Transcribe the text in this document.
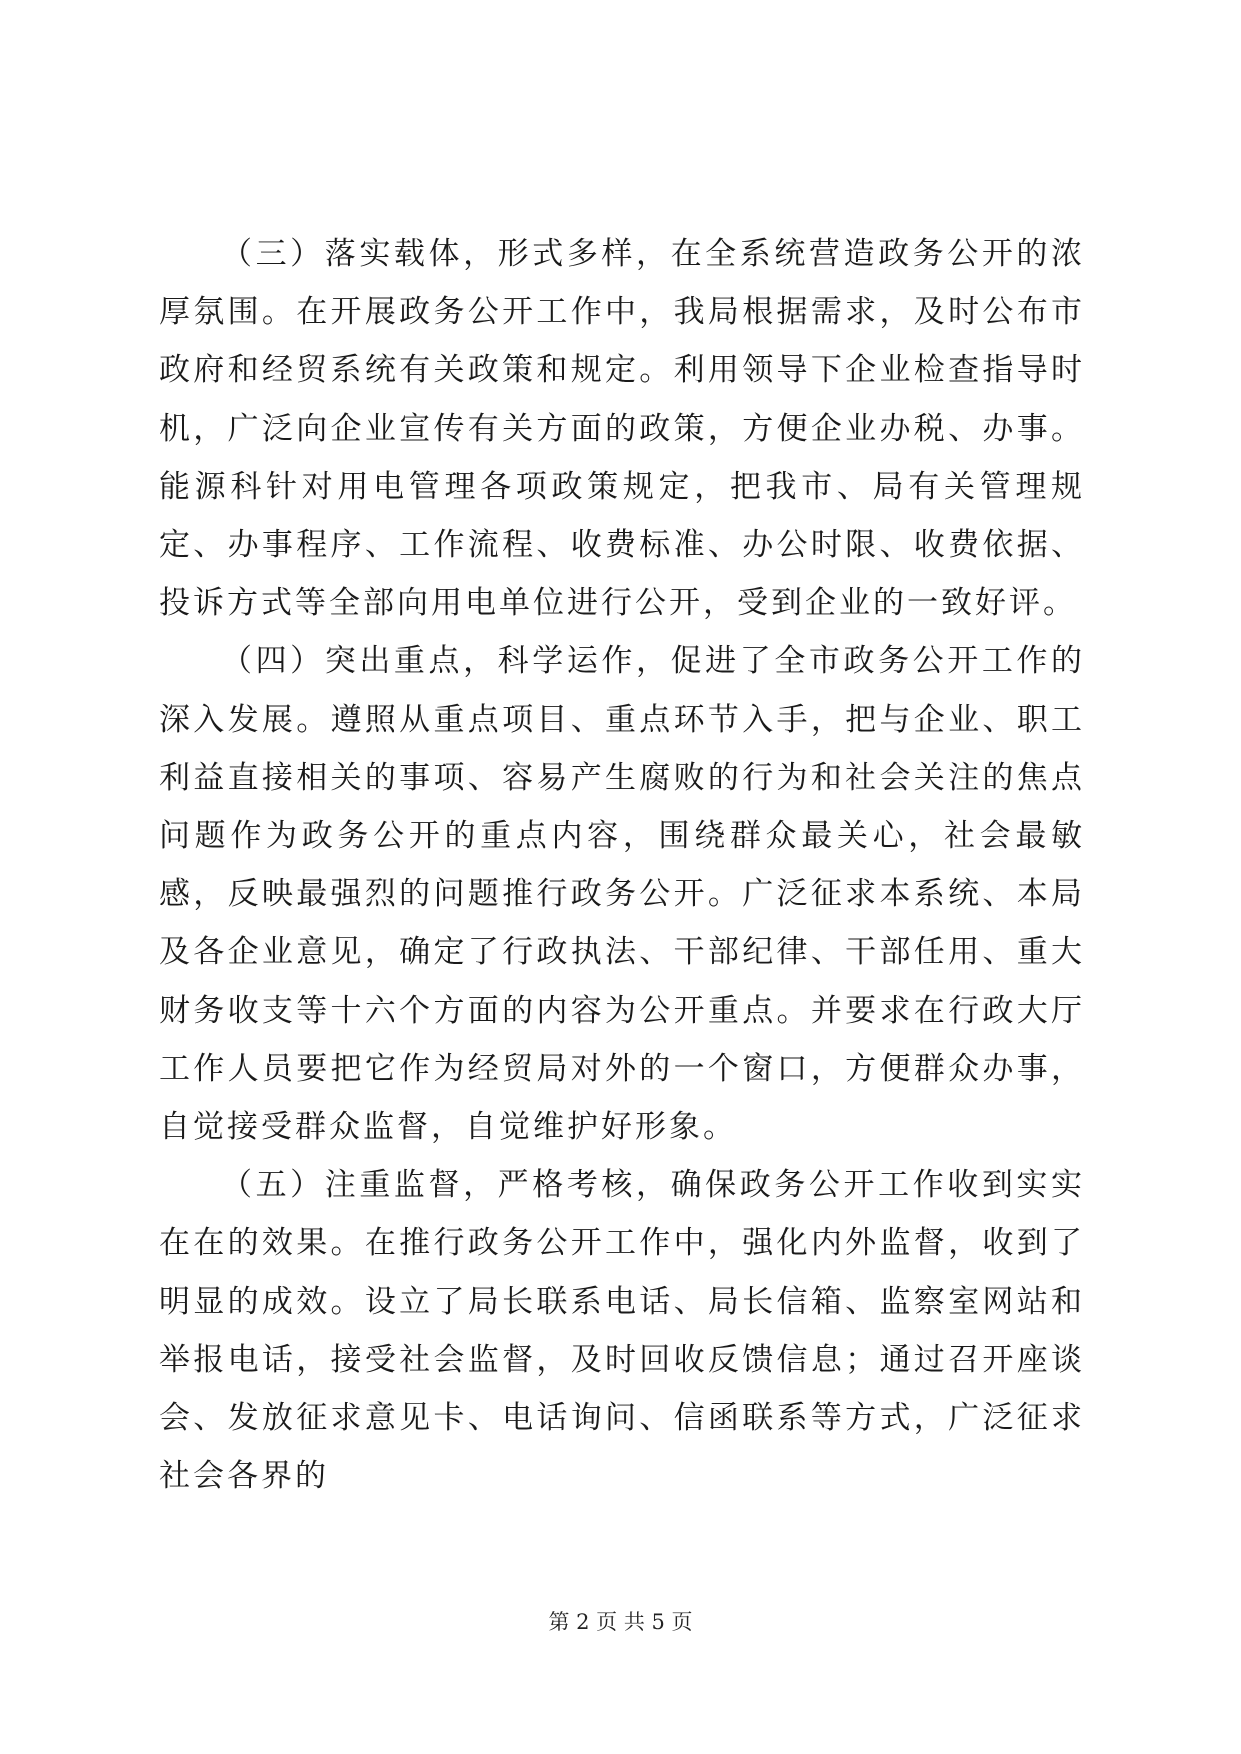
（三）落实载体，形式多样，在全系统营造政务公开的浓厚氛围。在开展政务公开工作中，我局根据需求，及时公布市政府和经贸系统有关政策和规定。利用领导下企业检查指导时机，广泛向企业宣传有关方面的政策，方便企业办税、办事。能源科针对用电管理各项政策规定，把我市、局有关管理规定、办事程序、工作流程、收费标准、办公时限、收费依据、投诉方式等全部向用电单位进行公开，受到企业的一致好评。

（四）突出重点，科学运作，促进了全市政务公开工作的深入发展。遵照从重点项目、重点环节入手，把与企业、职工利益直接相关的事项、容易产生腐败的行为和社会关注的焦点问题作为政务公开的重点内容，围绕群众最关心，社会最敏感，反映最强烈的问题推行政务公开。广泛征求本系统、本局及各企业意见，确定了行政执法、干部纪律、干部任用、重大财务收支等十六个方面的内容为公开重点。并要求在行政大厅工作人员要把它作为经贸局对外的一个窗口，方便群众办事，自觉接受群众监督，自觉维护好形象。

（五）注重监督，严格考核，确保政务公开工作收到实实在在的效果。在推行政务公开工作中，强化内外监督，收到了明显的成效。设立了局长联系电话、局长信箱、监察室网站和举报电话，接受社会监督，及时回收反馈信息；通过召开座谈会、发放征求意见卡、电话询问、信函联系等方式，广泛征求社会各界的

第 2 页 共 5 页
